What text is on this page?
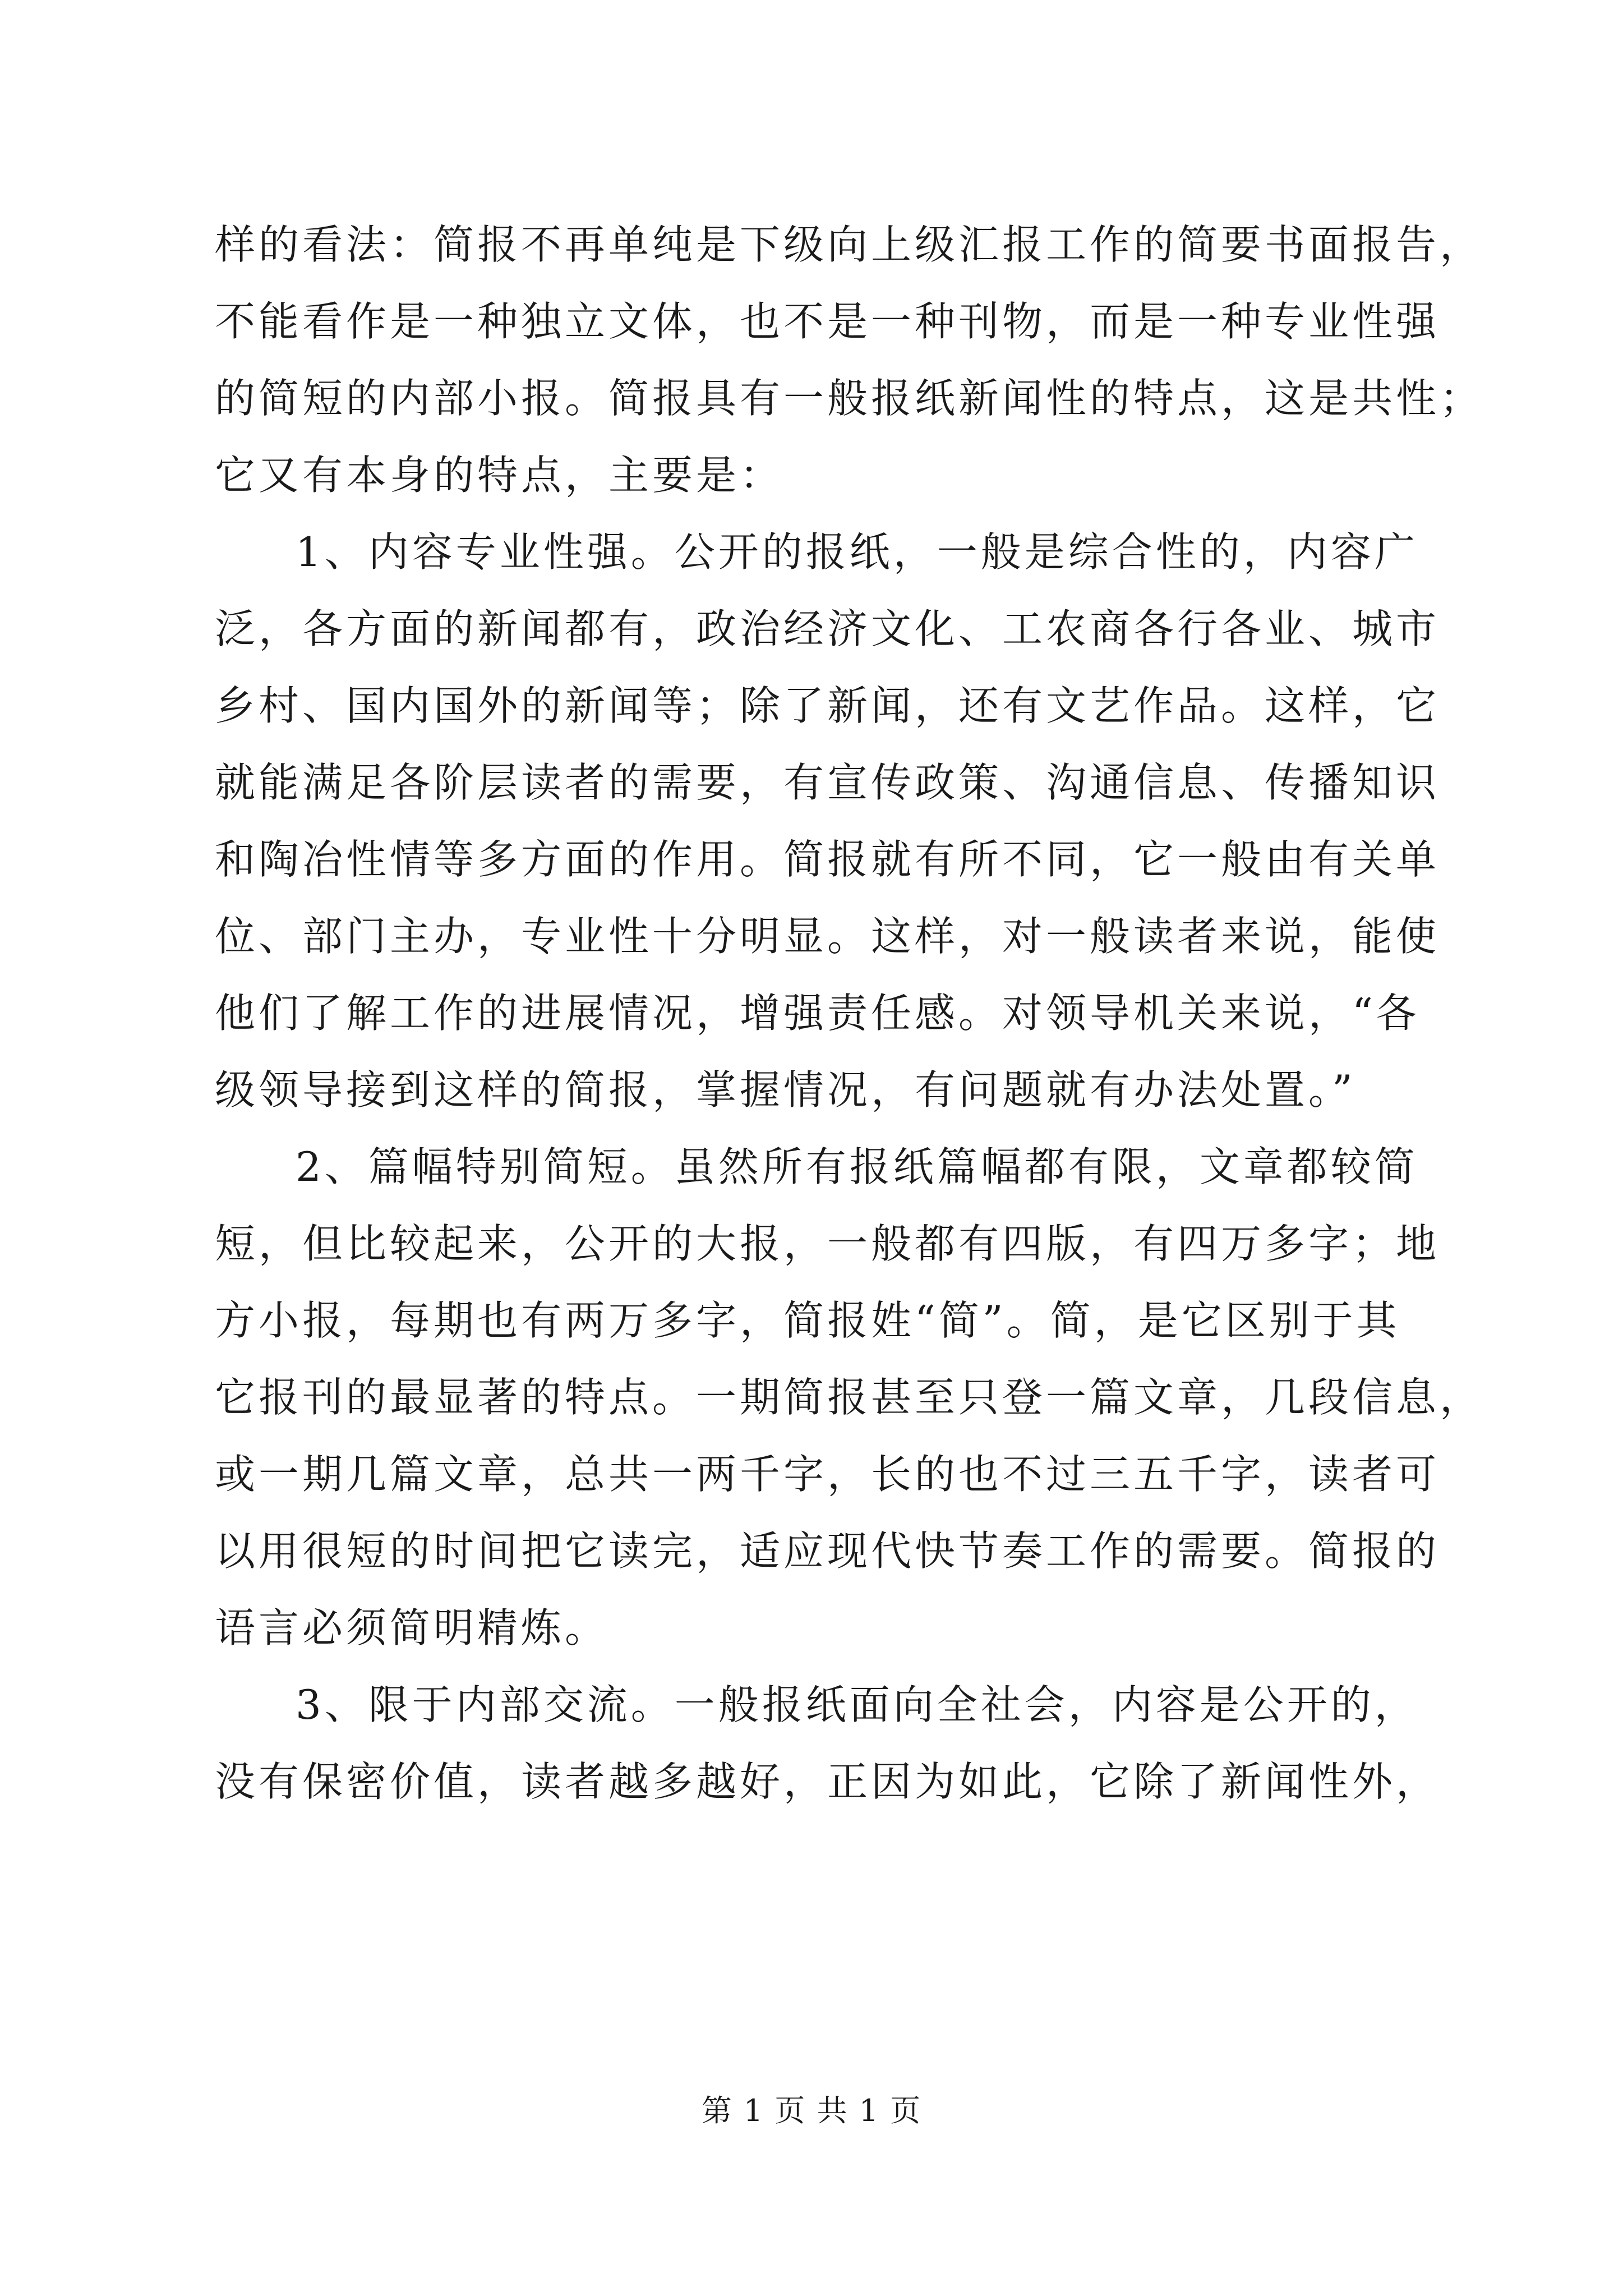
样的看法：简报不再单纯是下级向上级汇报工作的简要书面报告，
不能看作是一种独立文体，也不是一种刊物，而是一种专业性强
的简短的内部小报。简报具有一般报纸新闻性的特点，这是共性；
它又有本身的特点，主要是：
1、内容专业性强。公开的报纸，一般是综合性的，内容广
泛，各方面的新闻都有，政治经济文化、工农商各行各业、城市
乡村、国内国外的新闻等；除了新闻，还有文艺作品。这样，它
就能满足各阶层读者的需要，有宣传政策、沟通信息、传播知识
和陶冶性情等多方面的作用。简报就有所不同，它一般由有关单
位、部门主办，专业性十分明显。这样，对一般读者来说，能使
他们了解工作的进展情况，增强责任感。对领导机关来说，“各
级领导接到这样的简报，掌握情况，有问题就有办法处置。”
2、篇幅特别简短。虽然所有报纸篇幅都有限，文章都较简
短，但比较起来，公开的大报，一般都有四版，有四万多字；地
方小报，每期也有两万多字，简报姓“简”。简，是它区别于其
它报刊的最显著的特点。一期简报甚至只登一篇文章，几段信息，
或一期几篇文章，总共一两千字，长的也不过三五千字，读者可
以用很短的时间把它读完，适应现代快节奏工作的需要。简报的
语言必须简明精炼。
3、限于内部交流。一般报纸面向全社会，内容是公开的，
没有保密价值，读者越多越好，正因为如此，它除了新闻性外，
第 1 页 共 1 页
